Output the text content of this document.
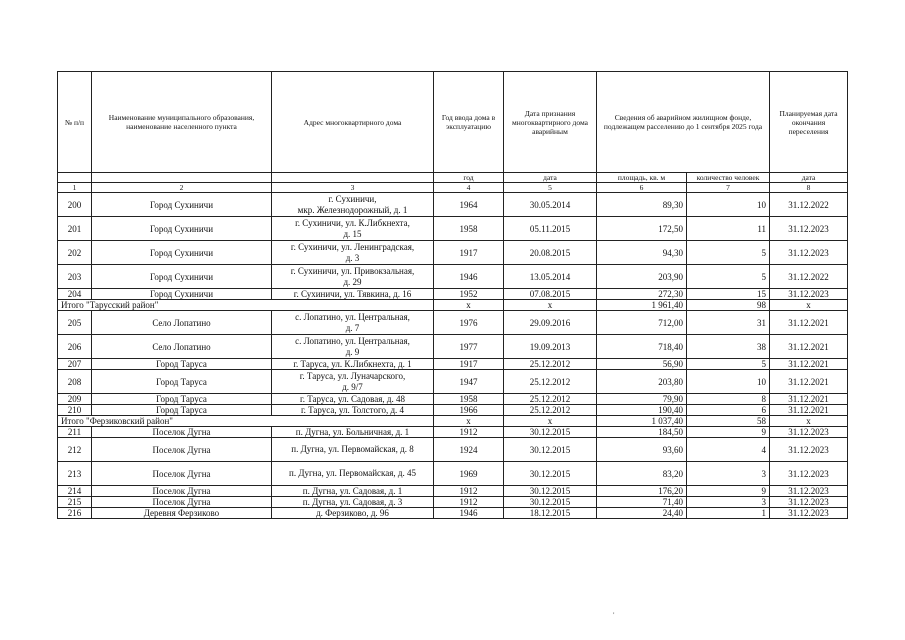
№ п/п	Наименование муниципального образования, наименование населенного пункта	Адрес многоквартирного дома	Год ввода дома в эксплуатацию	Дата признания многоквартирного дома аварийным	Сведения об аварийном жилищном фонде, подлежащем расселению до 1 сентября 2025 года		Планируемая дата окончания переселения
			год	дата	площадь, кв. м	количество человек	дата
1	2	3	4	5	6	7	8
200	Город Сухиничи	г. Сухиничи,
мкр. Железнодорожный, д. 1	1964	30.05.2014	89,30	10	31.12.2022
201	Город Сухиничи	г. Сухиничи, ул. К.Либкнехта,
д. 15	1958	05.11.2015	172,50	11	31.12.2023
202	Город Сухиничи	г. Сухиничи, ул. Ленинградская,
д. 3	1917	20.08.2015	94,30	5	31.12.2023
203	Город Сухиничи	г. Сухиничи, ул. Привокзальная,
д. 29	1946	13.05.2014	203,90	5	31.12.2022
204	Город Сухиничи	г. Сухиничи, ул. Тявкина, д. 16	1952	07.08.2015	272,30	15	31.12.2023
Итого "Тарусский район"			x	x	1 961,40	98	x
205	Село Лопатино	с. Лопатино, ул. Центральная,
д. 7	1976	29.09.2016	712,00	31	31.12.2021
206	Село Лопатино	с. Лопатино, ул. Центральная,
д. 9	1977	19.09.2013	718,40	38	31.12.2021
207	Город Таруса	г. Таруса, ул. К.Либкнехта, д. 1	1917	25.12.2012	56,90	5	31.12.2021
208	Город Таруса	г. Таруса, ул. Луначарского,
д. 9/7	1947	25.12.2012	203,80	10	31.12.2021
209	Город Таруса	г. Таруса, ул. Садовая, д. 48	1958	25.12.2012	79,90	8	31.12.2021
210	Город Таруса	г. Таруса, ул. Толстого, д. 4	1966	25.12.2012	190,40	6	31.12.2021
Итого "Ферзиковский район"			x	x	1 037,40	58	x
211	Поселок Дугна	п. Дугна, ул. Больничная, д. 1	1912	30.12.2015	184,50	9	31.12.2023
212	Поселок Дугна	п. Дугна, ул. Первомайская, д. 8	1924	30.12.2015	93,60	4	31.12.2023
213	Поселок Дугна	п. Дугна, ул. Первомайская, д. 45	1969	30.12.2015	83,20	3	31.12.2023
214	Поселок Дугна	п. Дугна, ул. Садовая, д. 1	1912	30.12.2015	176,20	9	31.12.2023
215	Поселок Дугна	п. Дугна, ул. Садовая, д. 3	1912	30.12.2015	71,40	3	31.12.2023
216	Деревня Ферзиково	д. Ферзиково, д. 96	1946	18.12.2015	24,40	1	31.12.2023
,
